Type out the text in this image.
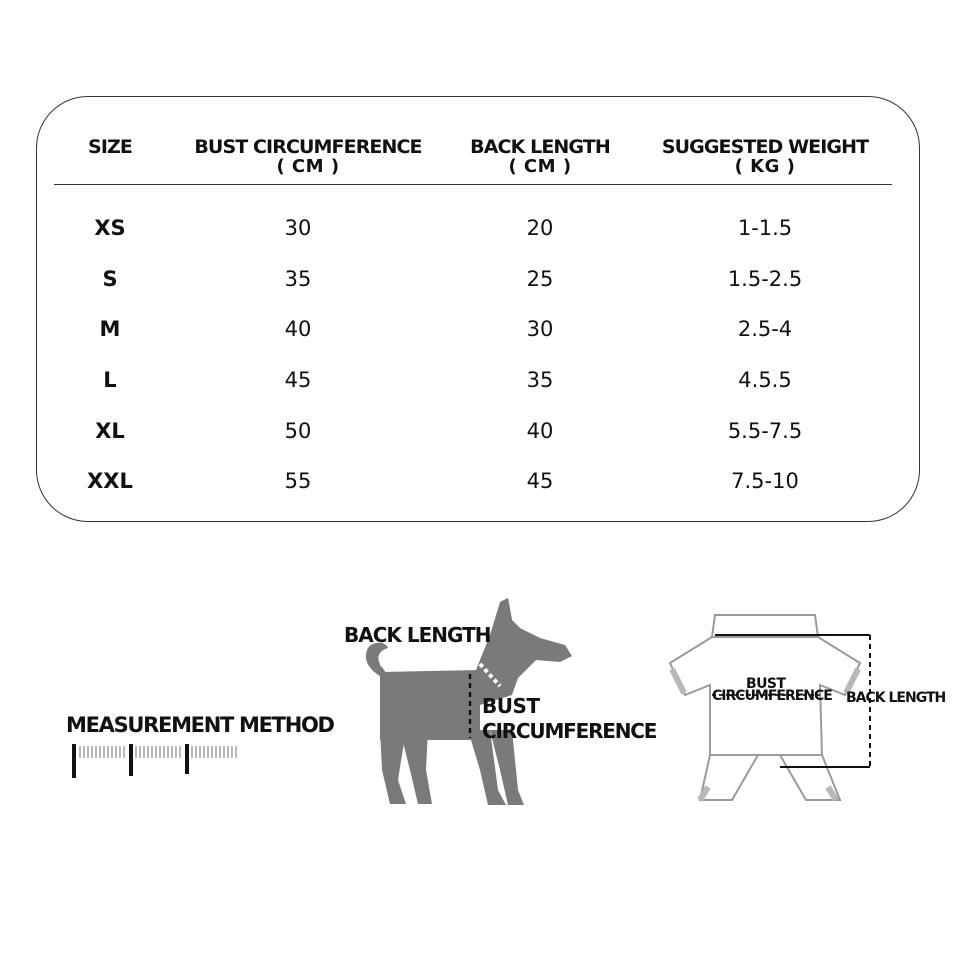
SIZE	BUST CIRCUMFERENCE
( CM )
BACK LENGTH
( CM )
SUGGESTED WEIGHT
( KG )
XS
S
M
L
XL
XXL
30
35
40
45
50
55
20
25
30
35
40
45
1-1.5
1.5-2.5
2.5-4
4.5.5
5.5-7.5
7.5-10
MEASUREMENT METHOD
BACK LENGTH
BUST
CIRCUMFERENCE
BUST
CIRCUMFERENCE BACK LENGTH
